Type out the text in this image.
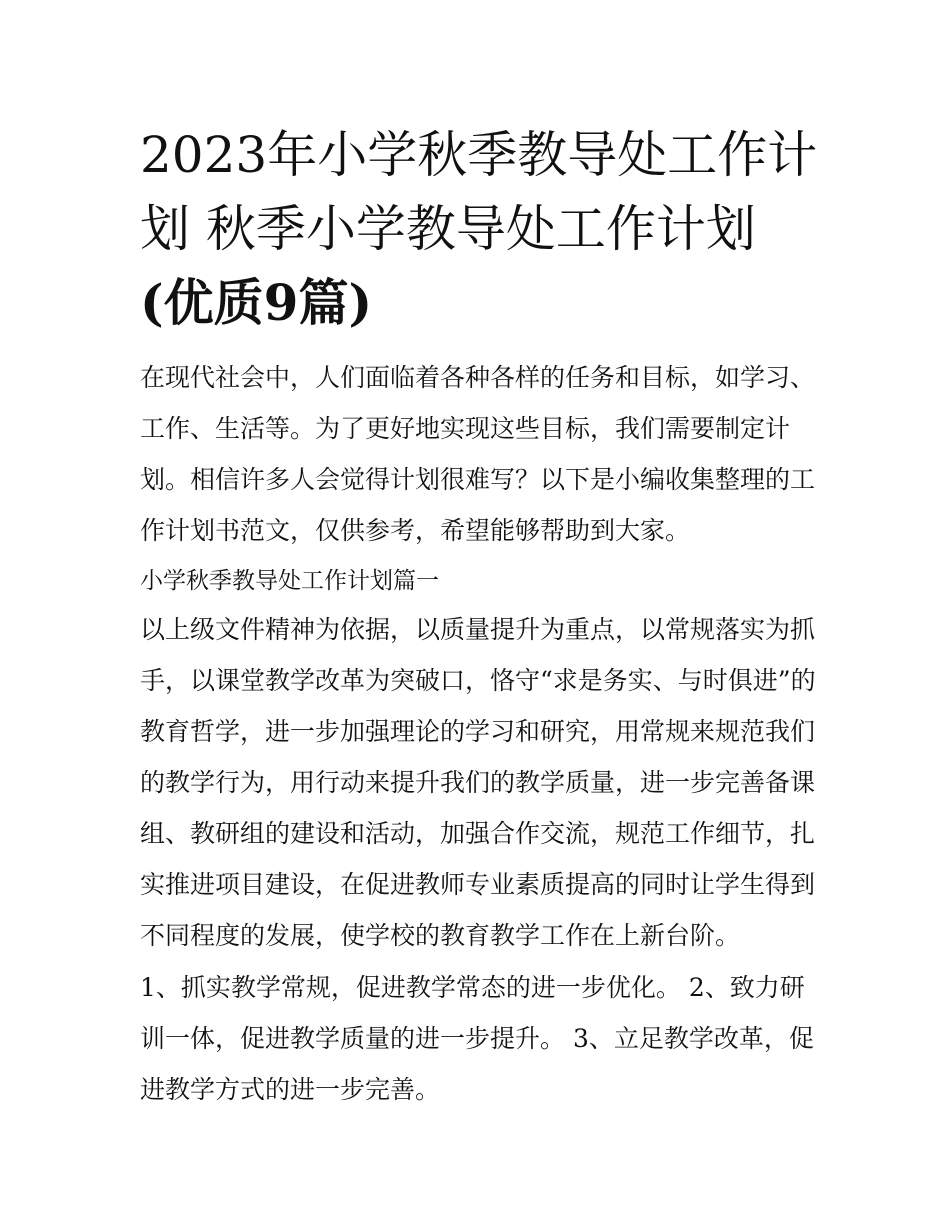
2023年小学秋季教导处工作计
划 秋季小学教导处工作计划
(优质9篇)
在现代社会中，人们面临着各种各样的任务和目标，如学习、
工作、生活等。为了更好地实现这些目标，我们需要制定计
划。相信许多人会觉得计划很难写？以下是小编收集整理的工
作计划书范文，仅供参考，希望能够帮助到大家。
小学秋季教导处工作计划篇一
以上级文件精神为依据，以质量提升为重点，以常规落实为抓
手，以课堂教学改革为突破口，恪守“求是务实、与时俱进”的
教育哲学，进一步加强理论的学习和研究，用常规来规范我们
的教学行为，用行动来提升我们的教学质量，进一步完善备课
组、教研组的建设和活动，加强合作交流，规范工作细节，扎
实推进项目建设，在促进教师专业素质提高的同时让学生得到
不同程度的发展，使学校的教育教学工作在上新台阶。
1、抓实教学常规，促进教学常态的进一步优化。 2、致力研
训一体，促进教学质量的进一步提升。 3、立足教学改革，促
进教学方式的进一步完善。
